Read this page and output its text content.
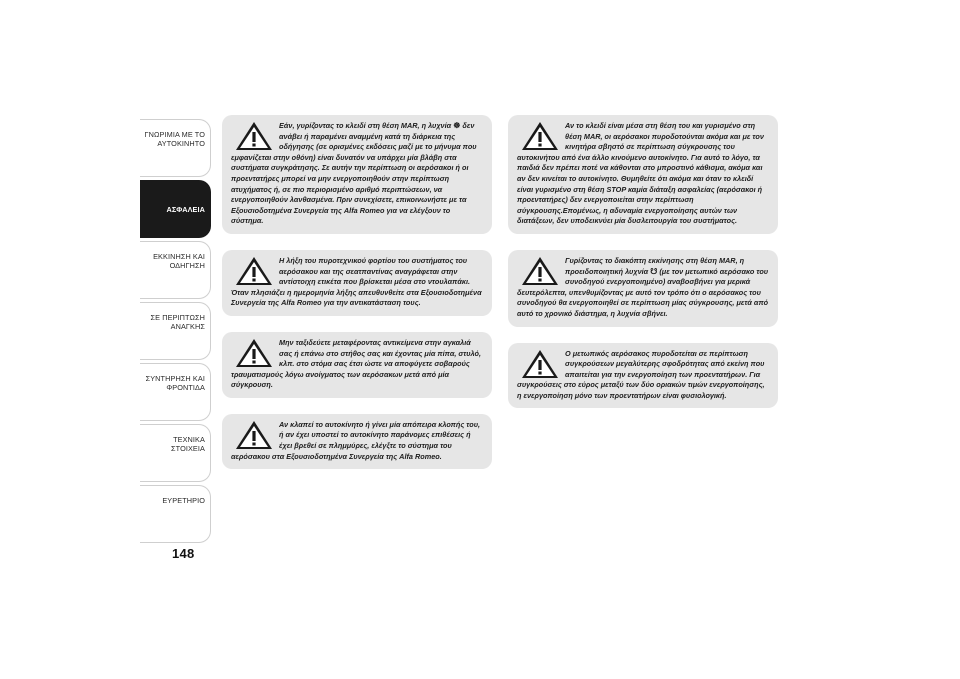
ΓΝΩΡΙΜΙΑ ΜΕ ΤΟ
ΑΥΤΟΚΙΝΗΤΟ
ΑΣΦΑΛΕΙΑ
ΕΚΚΙΝΗΣΗ ΚΑΙ
ΟΔΗΓΗΣΗ
ΣΕ ΠΕΡΙΠΤΩΣΗ
ΑΝΑΓΚΗΣ
ΣΥΝΤΗΡΗΣΗ ΚΑΙ
ΦΡΟΝΤΙΔΑ
ΤΕΧΝΙΚΑ ΣΤΟΙΧΕΙΑ
ΕΥΡΕΤΗΡΙΟ
148

Εάν, γυρίζοντας το κλειδί στη θέση MAR, η λυχνία ☸ δεν ανάβει ή παραμένει αναμμένη κατά τη διάρκεια της οδήγησης (σε ορισμένες εκδόσεις μαζί με το μήνυμα που εμφανίζεται στην οθόνη) είναι δυνατόν να υπάρχει μία βλάβη στα συστήματα συγκράτησης. Σε αυτήν την περίπτωση οι αερόσακοι ή οι προεντατήρες μπορεί να μην ενεργοποιηθούν στην περίπτωση ατυχήματος ή, σε πιο περιορισμένο αριθμό περιπτώσεων, να ενεργοποιηθούν λανθασμένα. Πριν συνεχίσετε, επικοινωνήστε με τα Εξουσιοδοτημένα Συνεργεία της Alfa Romeo για να ελέγξουν το σύστημα.

Η λήξη του πυροτεχνικού φορτίου του συστήματος του αερόσακου και της σεατπαντίνας αναγράφεται στην αντίστοιχη ετικέτα που βρίσκεται μέσα στο ντουλαπάκι. Όταν πλησιάζει η ημερομηνία λήξης απευθυνθείτε στα Εξουσιοδοτημένα Συνεργεία της Alfa Romeo για την αντικατάσταση τους.

Μην ταξιδεύετε μεταφέροντας αντικείμενα στην αγκαλιά σας ή επάνω στο στήθος σας και έχοντας μία πίπα, στυλό, κλπ. στο στόμα σας έτσι ώστε να αποφύγετε σοβαρούς τραυματισμούς λόγω ανοίγματος των αερόσακων μετά από μία σύγκρουση.

Αν κλαπεί το αυτοκίνητο ή γίνει μία απόπειρα κλοπής του, ή αν έχει υποστεί το αυτοκίνητο παράνομες επιθέσεις ή έχει βρεθεί σε πλημμύρες, ελέγξτε το σύστημα του αερόσακου στα Εξουσιοδοτημένα Συνεργεία της Alfa Romeo.

Αν το κλειδί είναι μέσα στη θέση του και γυρισμένο στη θέση MAR, οι αερόσακοι πυροδοτούνται ακόμα και με τον κινητήρα σβηστό σε περίπτωση σύγκρουσης του αυτοκινήτου από ένα άλλο κινούμενο αυτοκίνητο. Για αυτό το λόγο, τα παιδιά δεν πρέπει ποτέ να κάθονται στο μπροστινό κάθισμα, ακόμα και αν δεν κινείται το αυτοκίνητο. Θυμηθείτε ότι ακόμα και όταν το κλειδί είναι γυρισμένο στη θέση STOP καμία διάταξη ασφαλείας (αερόσακοι ή προεντατήρες) δεν ενεργοποιείται στην περίπτωση σύγκρουσης.Επομένως, η αδυναμία ενεργοποίησης αυτών των διατάξεων, δεν υποδεικνύει μία δυσλειτουργία του συστήματος.

Γυρίζοντας το διακόπτη εκκίνησης στη θέση MAR, η προειδοποιητική λυχνία ☋ (με τον μετωπικό αερόσακο του συνοδηγού ενεργοποιημένο) αναβοσβήνει για μερικά δευτερόλεπτα, υπενθυμίζοντας με αυτό τον τρόπο ότι ο αερόσακος του συνοδηγού θα ενεργοποιηθεί σε περίπτωση μίας σύγκρουσης, μετά από αυτό το χρονικό διάστημα, η λυχνία σβήνει.

Ο μετωπικός αερόσακος πυροδοτείται σε περίπτωση συγκρούσεων μεγαλύτερης σφοδρότητας από εκείνη που απαιτείται για την ενεργοποίηση των προεντατήρων. Για συγκρούσεις στο εύρος μεταξύ των δύο οριακών τιμών ενεργοποίησης, η ενεργοποίηση μόνο των προεντατήρων είναι φυσιολογική.
